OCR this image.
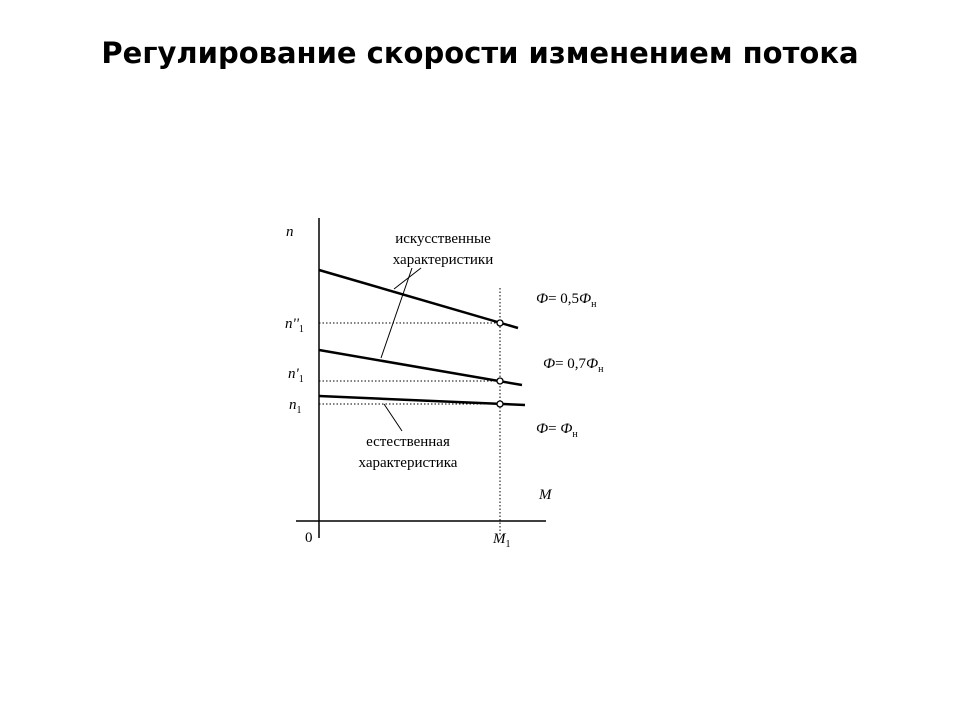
Регулирование скорости изменением потока
n
M
0
$n''_1$
$n'_1$
$n_1$
$M_1$
искусственные
характеристики
естественная
характеристика
$Ф= 0,5Ф_н$
$Ф= 0,7Ф_н$
$Ф= Ф_н$
